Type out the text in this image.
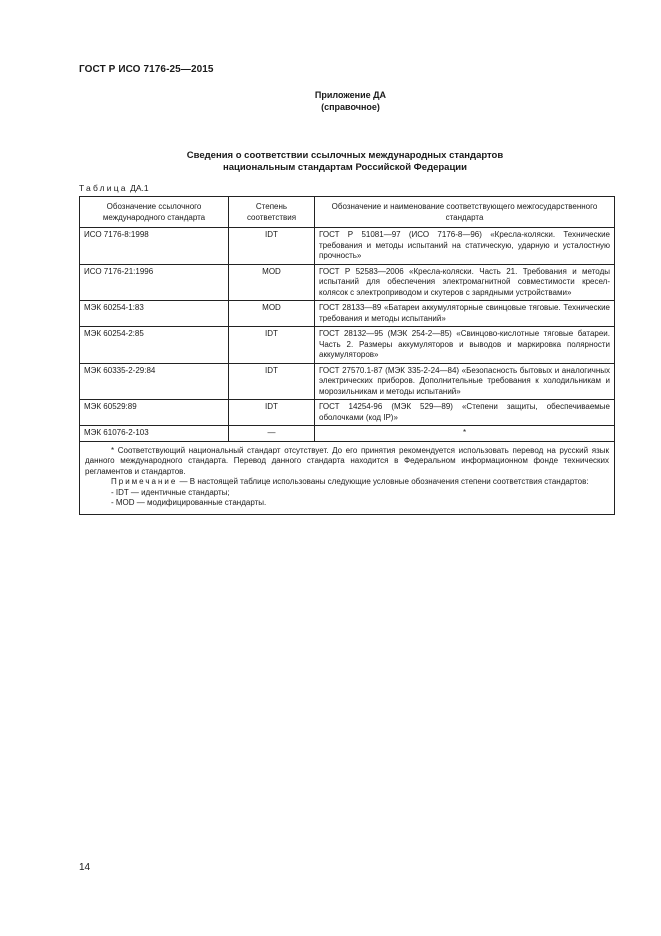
ГОСТ Р ИСО 7176-25—2015
Приложение ДА
(справочное)
Сведения о соответствии ссылочных международных стандартов
национальным стандартам Российской Федерации
Таблица ДА.1
Обозначение ссылочного международного стандарта	Степень соответствия	Обозначение и наименование соответствующего межгосударственного стандарта
ИСО 7176-8:1998	IDT	ГОСТ Р 51081—97 (ИСО 7176-8—96) «Кресла-коляски. Технические требования и методы испытаний на статическую, ударную и усталостную прочность»
ИСО 7176-21:1996	MOD	ГОСТ Р 52583—2006 «Кресла-коляски. Часть 21. Требования и методы испытаний для обеспечения электромагнитной совместимости кресел-колясок с электроприводом и скутеров с зарядными устройствами»
МЭК 60254-1:83	MOD	ГОСТ 28133—89 «Батареи аккумуляторные свинцовые тяговые. Технические требования и методы испытаний»
МЭК 60254-2:85	IDT	ГОСТ 28132—95 (МЭК 254-2—85) «Свинцово-кислотные тяговые батареи. Часть 2. Размеры аккумуляторов и выводов и маркировка полярности аккумуляторов»
МЭК 60335-2-29:84	IDT	ГОСТ 27570.1-87 (МЭК 335-2-24—84) «Безопасность бытовых и аналогичных электрических приборов. Дополнительные требования к холодильникам и морозильникам и методы испытаний»
МЭК 60529:89	IDT	ГОСТ 14254-96 (МЭК 529—89) «Степени защиты, обеспечиваемые оболочками (код IP)»
МЭК 61076-2-103	—	*

* Соответствующий национальный стандарт отсутствует. До его принятия рекомендуется использовать перевод на русский язык данного международного стандарта. Перевод данного стандарта находится в Федеральном информационном фонде технических регламентов и стандартов.

Примечание — В настоящей таблице использованы следующие условные обозначения степени соответствия стандартов:

- IDT — идентичные стандарты;

- MOD — модифицированные стандарты.		

14
